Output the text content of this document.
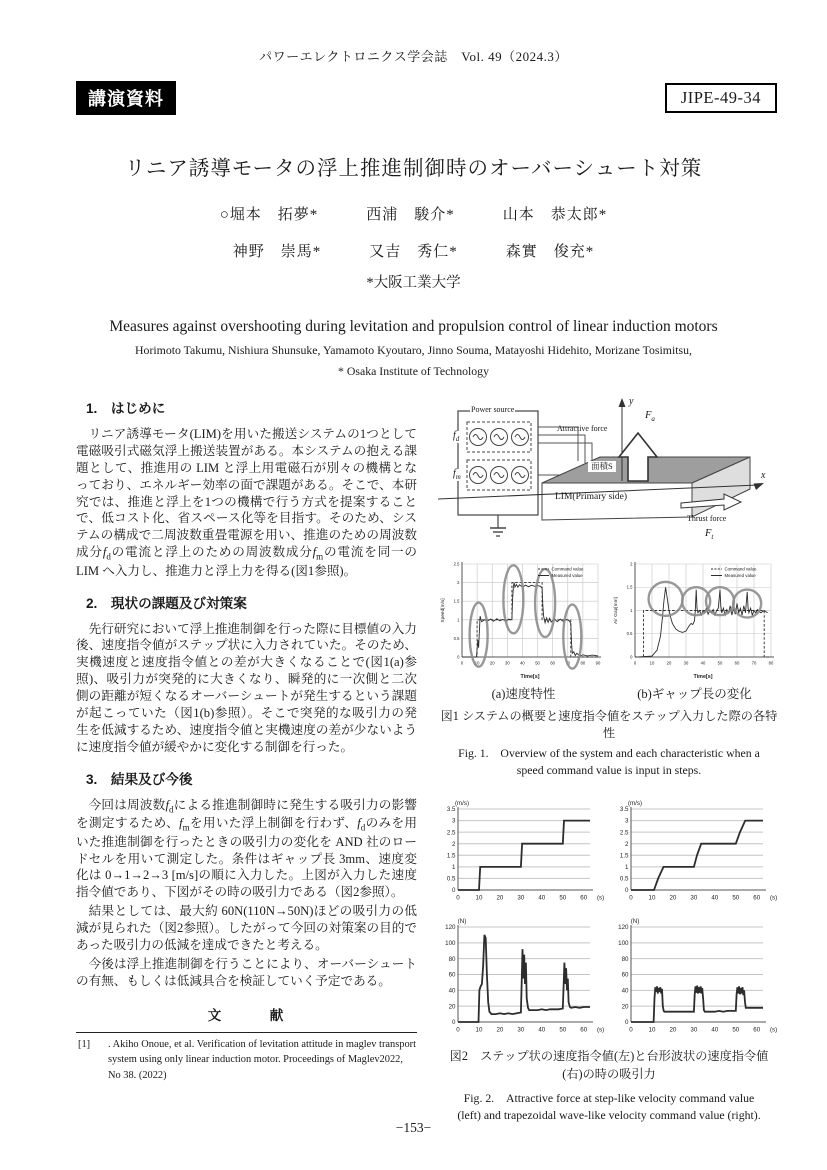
パワーエレクトロニクス学会誌　Vol. 49（2024.3）
講演資料	JIPE-49-34
リニア誘導モータの浮上推進制御時のオーバーシュート対策
○堀本　拓夢*　　　西浦　駿介*　　　山本　恭太郎*
神野　崇馬*　　　又吉　秀仁*　　　森實　俊充*
*大阪工業大学
Measures against overshooting during levitation and propulsion control of linear induction motors
Horimoto Takumu, Nishiura Shunsuke, Yamamoto Kyoutaro, Jinno Souma, Matayoshi Hidehito, Morizane Tosimitsu,
* Osaka Institute of Technology
1.　はじめに

リニア誘導モータ(LIM)を用いた搬送システムの1つとして電磁吸引式磁気浮上搬送装置がある。本システムの抱える課題として、推進用の LIM と浮上用電磁石が別々の機構となっており、エネルギー効率の面で課題がある。そこで、本研究では、推進と浮上を1つの機構で行う方式を提案することで、低コスト化、省スペース化等を目指す。そのため、システムの構成で二周波数重畳電源を用い、推進のための周波数成分$f_d$の電流と浮上のための周波数成分$f_m$の電流を同一の LIM へ入力し、推進力と浮上力を得る(図1参照)。

2.　現状の課題及び対策案

先行研究において浮上推進制御を行った際に目標値の入力後、速度指令値がステップ状に入力されていた。そのため、実機速度と速度指令値との差が大きくなることで(図1(a)参照)、吸引力が突発的に大きくなり、瞬発的に一次側と二次側の距離が短くなるオーバーシュートが発生するという課題が起こっていた（図1(b)参照）。そこで突発的な吸引力の発生を低減するため、速度指令値と実機速度の差が少ないように速度指令値が緩やかに変化する制御を行った。

3.　結果及び今後

今回は周波数$f_d$による推進制御時に発生する吸引力の影響を測定するため、$f_m$を用いた浮上制御を行わず、$f_d$のみを用いた推進制御を行ったときの吸引力の変化を AND 社のロードセルを用いて測定した。条件はギャップ長 3mm、速度変化は 0→1→2→3 [m/s]の順に入力した。上図が入力した速度指令値であり、下図がその時の吸引力である（図2参照）。

結果としては、最大約 60N(110N→50N)ほどの吸引力の低減が見られた（図2参照）。したがって今回の対策案の目的であった吸引力の低減を達成できたと考える。

今後は浮上推進制御を行うことにより、オーバーシュートの有無、もしくは低減具合を検証していく予定である。

文　　　献
[1]	. Akiho Onoue, et al. Verification of levitation attitude in maglev transport system using only linear induction motor. Proceedings of Maglev2022, No 38. (2022)
Power source
$f_d$
$f_m$
面積S
LIM(Primary side)
y
$F_a$
Attractive force
x
Thrust force
$F_t$
0	10 20 30 40 50 60 70 80 90
0
0.5
1
1.5
2
2.5
Speed[m/s]
Time[s]
Command value
Measured value
0	10	20	30	40	50	60	70	80
0
0.5
1
1.5
2
Air Gap[mm]
Time[s]
Command value
Measured value
(a)速度特性	(b)ギャップ長の変化
図1 システムの概要と速度指令値をステップ入力した際の各特性
Fig. 1.　Overview of the system and each characteristic when a speed command value is input in steps.
0	10 20 30 40 50 60
0
0.5
1
1.5
2
2.5
3
3.5
(m/s)
(s)	0	10 20 30 40 50 60
0
0.5
1
1.5
2
2.5
3
3.5
(m/s)
(s)
0	10 20 30 40 50 60
0
20
40
60
80
100
120
(N)
(s)	0	10 20 30 40 50 60
0
20
40
60
80
100
120
(N)
(s)
図2　ステップ状の速度指令値(左)と台形波状の速度指令値(右)の時の吸引力
Fig. 2.　Attractive force at step-like velocity command value (left) and trapezoidal wave-like velocity command value (right).
−153−
